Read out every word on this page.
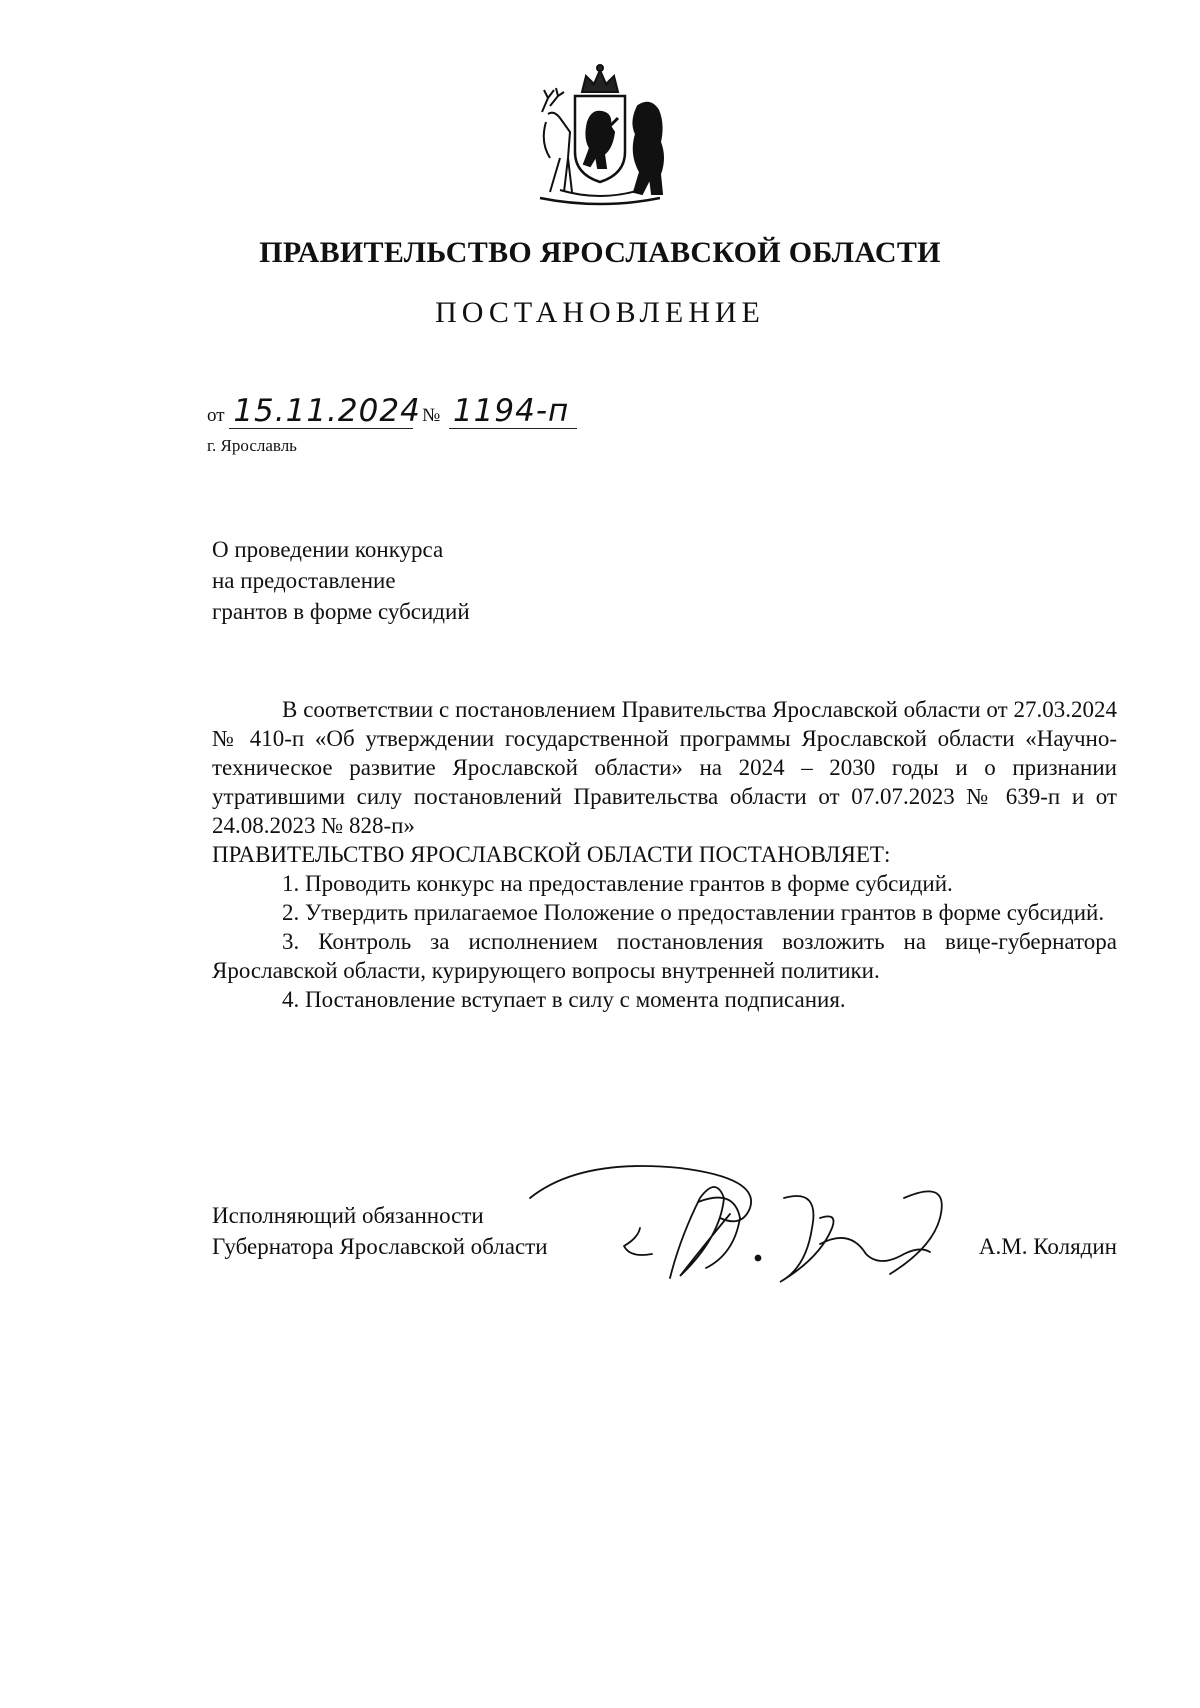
ПРАВИТЕЛЬСТВО ЯРОСЛАВСКОЙ ОБЛАСТИ
ПОСТАНОВЛЕНИЕ
от 15.11.2024 № 1194-п
г. Ярославль
О проведении конкурса
на предоставление
грантов в форме субсидий

В соответствии с постановлением Правительства Ярославской области от 27.03.2024 № 410-п «Об утверждении государственной программы Ярославской области «Научно-техническое развитие Ярославской области» на 2024 – 2030 годы и о признании утратившими силу постановлений Правительства области от 07.07.2023 № 639-п и от 24.08.2023 № 828-п»

ПРАВИТЕЛЬСТВО ЯРОСЛАВСКОЙ ОБЛАСТИ ПОСТАНОВЛЯЕТ:

1. Проводить конкурс на предоставление грантов в форме субсидий.

2. Утвердить прилагаемое Положение о предоставлении грантов в форме субсидий.

3. Контроль за исполнением постановления возложить на вице-губернатора Ярославской области, курирующего вопросы внутренней политики.

4. Постановление вступает в силу с момента подписания.

Исполняющий обязанности
Губернатора Ярославской области	А.М. Колядин
